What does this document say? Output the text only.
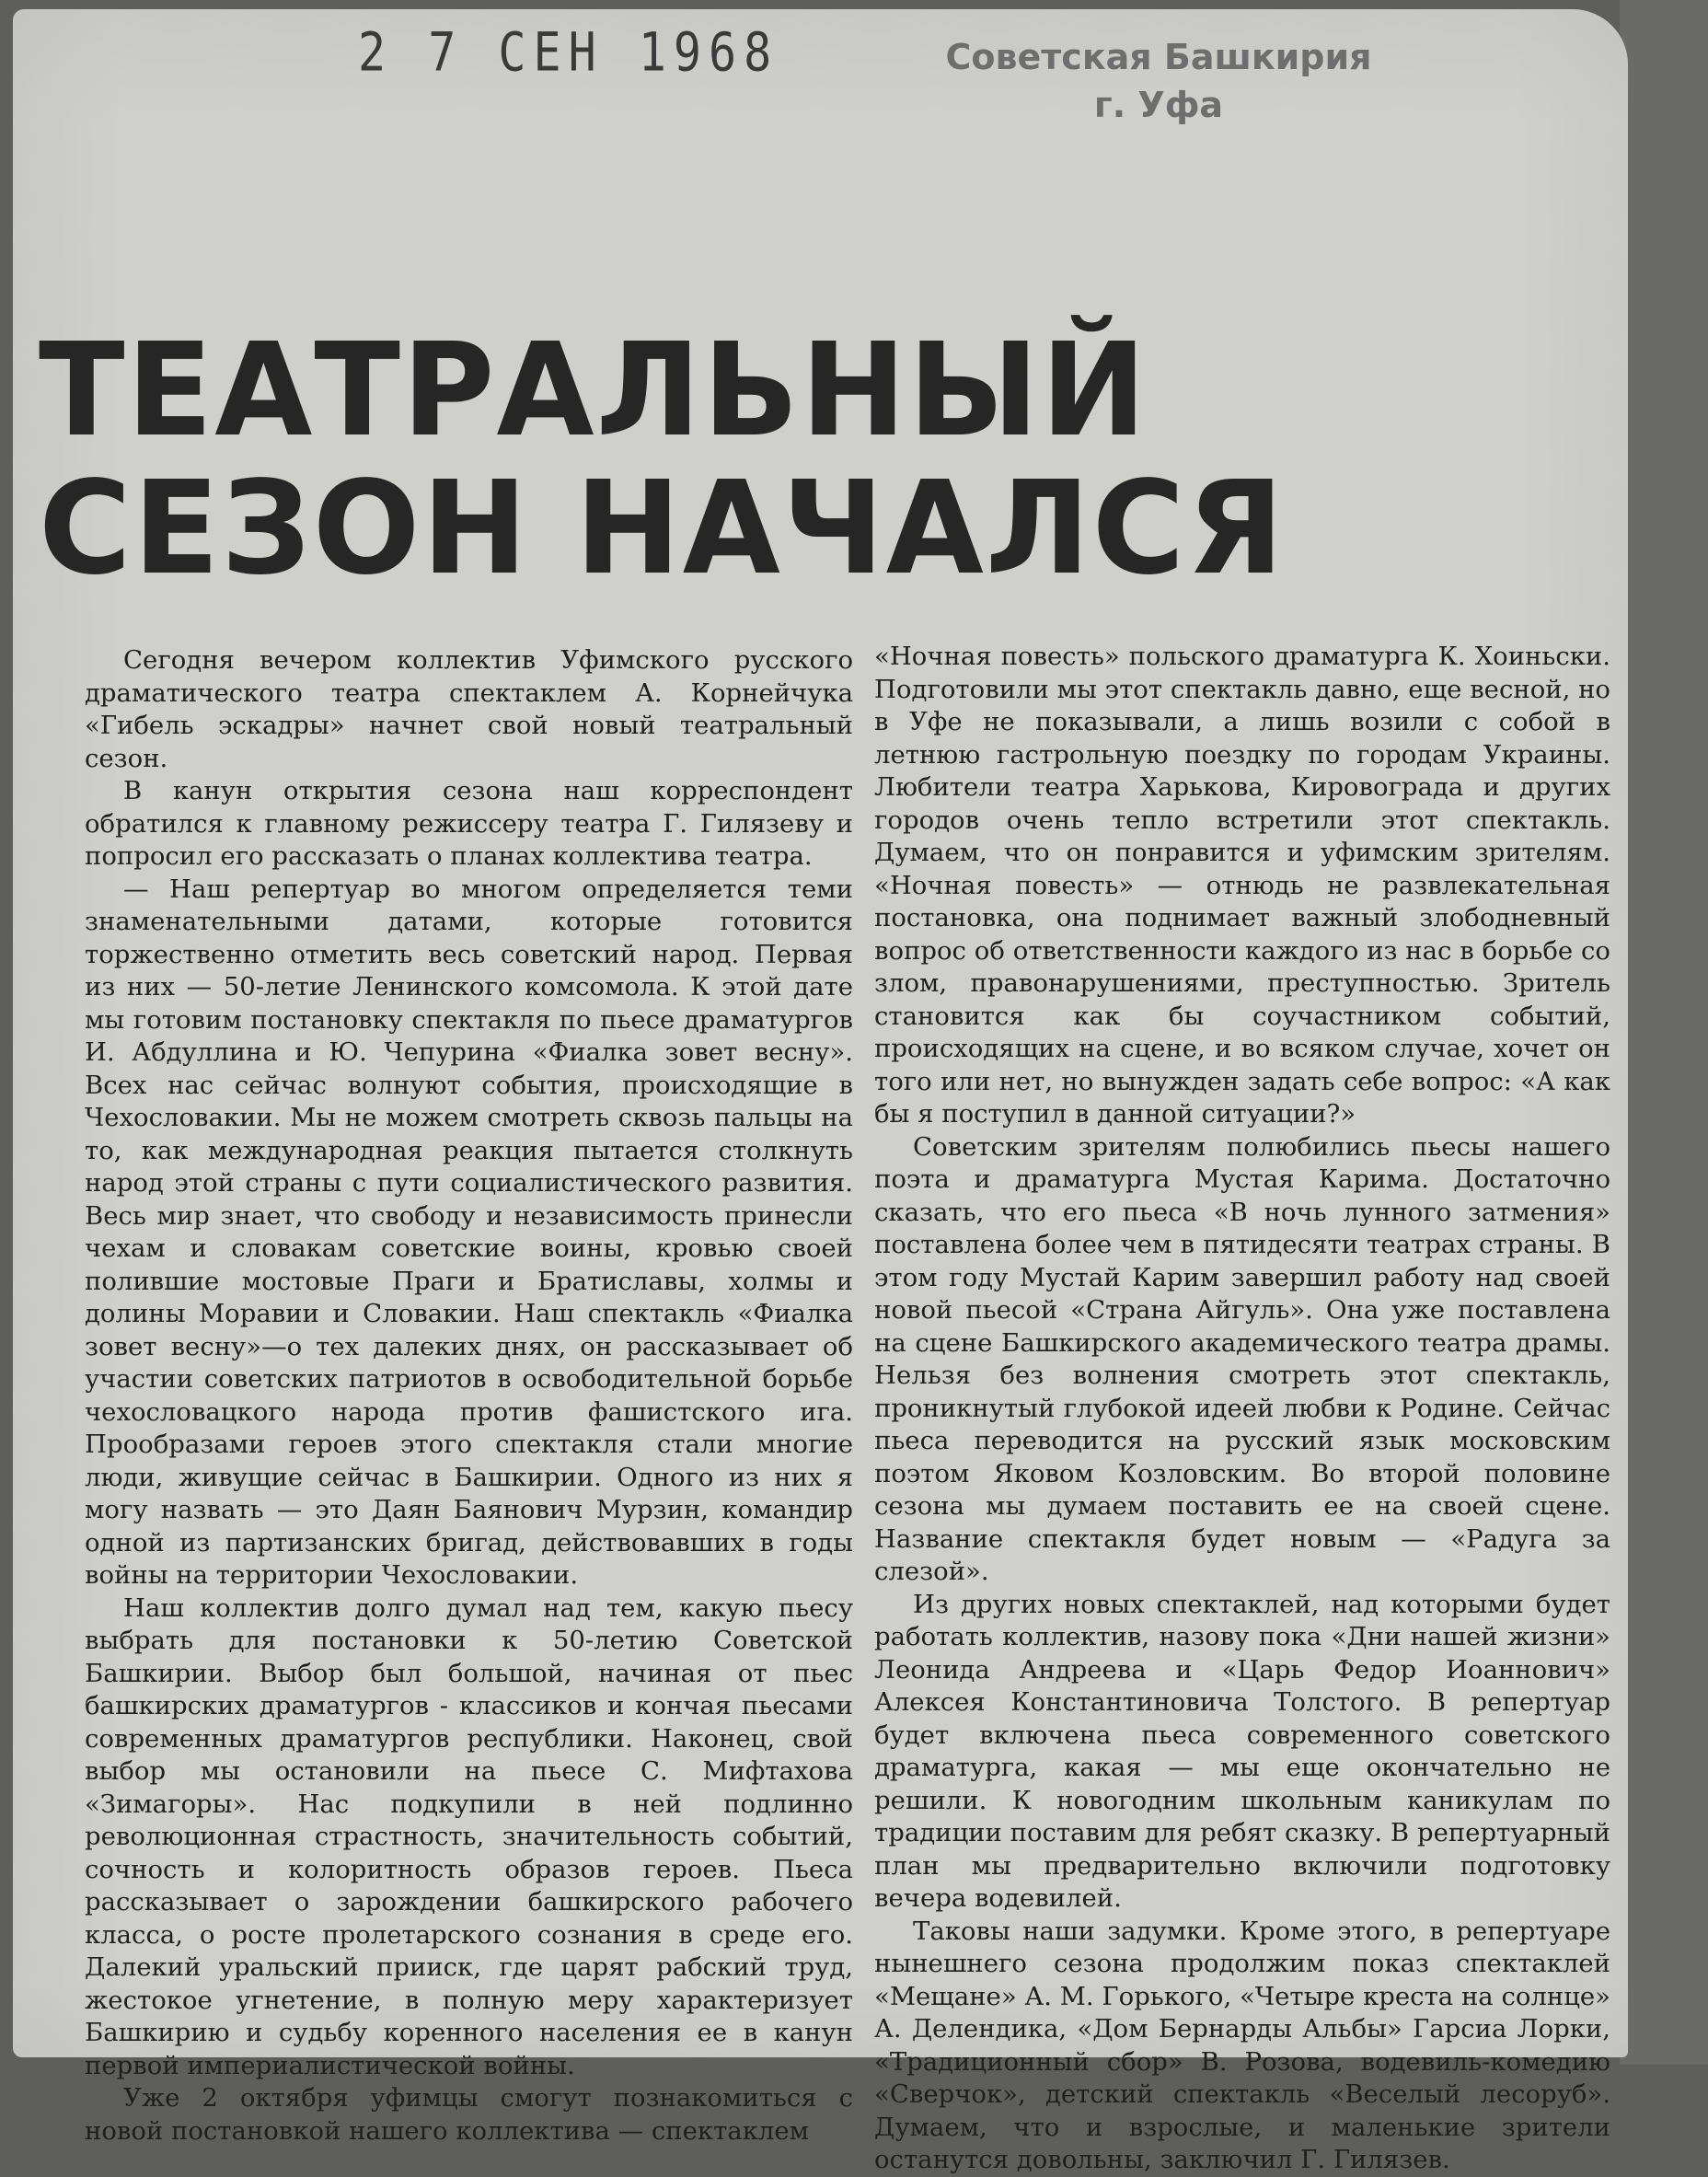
2 7 СЕН 1968	Советская Башкирия
г. Уфа
ТЕАТРАЛЬНЫЙ
СЕЗОН НАЧАЛСЯ

Сегодня вечером коллектив Уфимского русского драматического театра спектаклем А. Корнейчука «Гибель эскадры» начнет свой новый театральный сезон.

В канун открытия сезона наш корреспондент обратился к главному режиссеру театра Г. Гилязеву и попросил его рассказать о планах коллектива театра.

— Наш репертуар во многом определяется теми знаменательными датами, которые готовится торжественно отметить весь советский народ. Первая из них — 50-летие Ленинского комсомола. К этой дате мы готовим постановку спектакля по пьесе драматургов И. Абдуллина и Ю. Чепурина «Фиалка зовет весну». Всех нас сейчас волнуют события, происходящие в Чехословакии. Мы не можем смотреть сквозь пальцы на то, как международная реакция пытается столкнуть народ этой страны с пути социалистического развития. Весь мир знает, что свободу и независимость принесли чехам и словакам советские воины, кровью своей полившие мостовые Праги и Братиславы, холмы и долины Моравии и Словакии. Наш спектакль «Фиалка зовет весну»—о тех далеких днях, он рассказывает об участии советских патриотов в освободительной борьбе чехословацкого народа против фашистского ига. Прообразами героев этого спектакля стали многие люди, живущие сейчас в Башкирии. Одного из них я могу назвать — это Даян Баянович Мурзин, командир одной из партизанских бригад, действовавших в годы войны на территории Чехословакии.

Наш коллектив долго думал над тем, какую пьесу выбрать для постановки к 50-летию Советской Башкирии. Выбор был большой, начиная от пьес башкирских драматургов - классиков и кончая пьесами современных драматургов республики. Наконец, свой выбор мы остановили на пьесе С. Мифтахова «Зимагоры». Нас подкупили в ней подлинно революционная страстность, значительность событий, сочность и колоритность образов героев. Пьеса рассказывает о зарождении башкирского рабочего класса, о росте пролетарского сознания в среде его. Далекий уральский прииск, где царят рабский труд, жестокое угнетение, в полную меру характеризует Башкирию и судьбу коренного населения ее в канун первой империалистической войны.

Уже 2 октября уфимцы смогут познакомиться с новой постановкой нашего коллектива — спектаклем

«Ночная повесть» польского драматурга К. Хоиньски. Подготовили мы этот спектакль давно, еще весной, но в Уфе не показывали, а лишь возили с собой в летнюю гастрольную поездку по городам Украины. Любители театра Харькова, Кировограда и других городов очень тепло встретили этот спектакль. Думаем, что он понравится и уфимским зрителям. «Ночная повесть» — отнюдь не развлекательная постановка, она поднимает важный злободневный вопрос об ответственности каждого из нас в борьбе со злом, правонарушениями, преступностью. Зритель становится как бы соучастником событий, происходящих на сцене, и во всяком случае, хочет он того или нет, но вынужден задать себе вопрос: «А как бы я поступил в данной ситуации?»

Советским зрителям полюбились пьесы нашего поэта и драматурга Мустая Карима. Достаточно сказать, что его пьеса «В ночь лунного затмения» поставлена более чем в пятидесяти театрах страны. В этом году Мустай Карим завершил работу над своей новой пьесой «Страна Айгуль». Она уже поставлена на сцене Башкирского академического театра драмы. Нельзя без волнения смотреть этот спектакль, проникнутый глубокой идеей любви к Родине. Сейчас пьеса переводится на русский язык московским поэтом Яковом Козловским. Во второй половине сезона мы думаем поставить ее на своей сцене. Название спектакля будет новым — «Радуга за слезой».

Из других новых спектаклей, над которыми будет работать коллектив, назову пока «Дни нашей жизни» Леонида Андреева и «Царь Федор Иоаннович» Алексея Константиновича Толстого. В репертуар будет включена пьеса современного советского драматурга, какая — мы еще окончательно не решили. К новогодним школьным каникулам по традиции поставим для ребят сказку. В репертуарный план мы предварительно включили подготовку вечера водевилей.

Таковы наши задумки. Кроме этого, в репертуаре нынешнего сезона продолжим показ спектаклей «Мещане» А. М. Горького, «Четыре креста на солнце» А. Делендика, «Дом Бернарды Альбы» Гарсиа Лорки, «Традиционный сбор» В. Розова, водевиль-комедию «Сверчок», детский спектакль «Веселый лесоруб». Думаем, что и взрослые, и маленькие зрители останутся довольны, заключил Г. Гилязев.
